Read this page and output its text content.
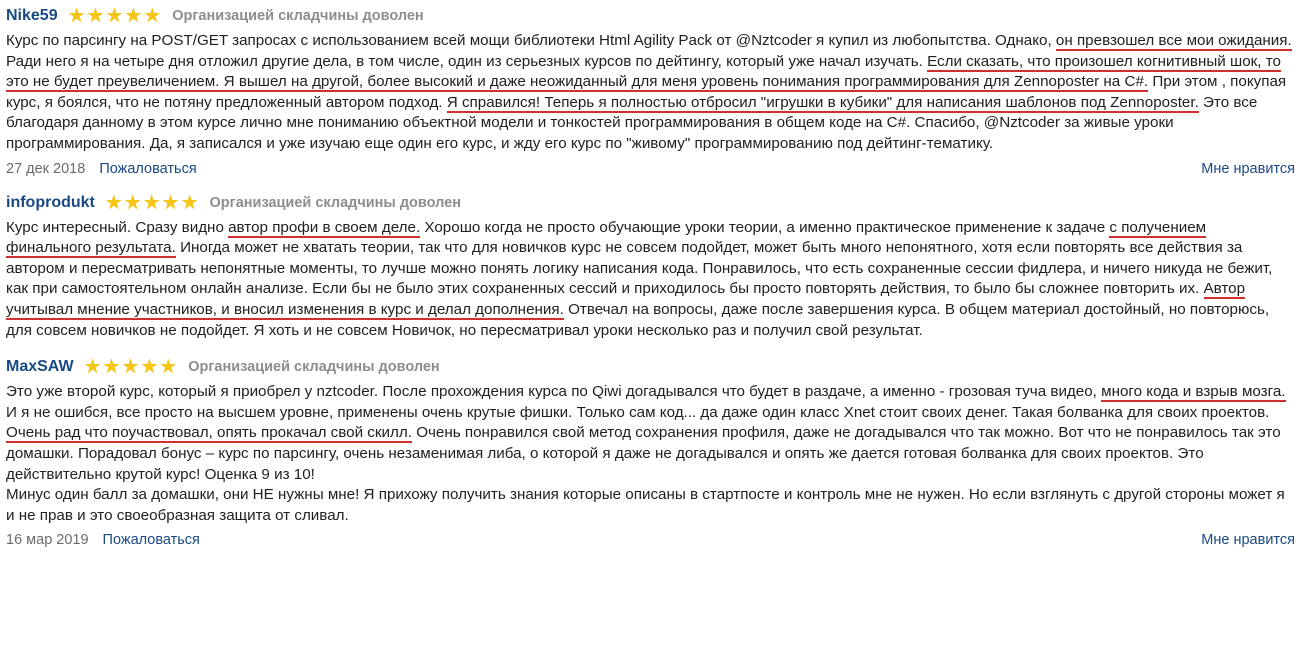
Nike59 ★★★★★ Организацией складчины доволен

Курс по парсингу на POST/GET запросах с использованием всей мощи библиотеки Html Agility Pack от @Nztcoder я купил из любопытства. Однако, он превзошел все мои ожидания. Ради него я на четыре дня отложил другие дела, в том числе, один из серьезных курсов по дейтингу, который уже начал изучать. Если сказать, что произошел когнитивный шок, то это не будет преувеличением. Я вышел на другой, более высокий и даже неожиданный для меня уровень понимания программирования для Zennoposter на C#. При этом , покупая курс, я боялся, что не потяну предложенный автором подход. Я справился! Теперь я полностью отбросил "игрушки в кубики" для написания шаблонов под Zennoposter. Это все благодаря данному в этом курсе лично мне пониманию объектной модели и тонкостей программирования в общем коде на C#. Спасибо, @Nztcoder за живые уроки программирования. Да, я записался и уже изучаю еще один его курс, и жду его курс по "живому" программированию под дейтинг-тематику.

27 дек 2018 Пожаловаться	Мне нравится
infoprodukt ★★★★★ Организацией складчины доволен

Курс интересный. Сразу видно автор профи в своем деле. Хорошо когда не просто обучающие уроки теории, а именно практическое применение к задаче с получением финального результата. Иногда может не хватать теории, так что для новичков курс не совсем подойдет, может быть много непонятного, хотя если повторять все действия за автором и пересматривать непонятные моменты, то лучше можно понять логику написания кода. Понравилось, что есть сохраненные сессии фидлера, и ничего никуда не бежит, как при самостоятельном онлайн анализе. Если бы не было этих сохраненных сессий и приходилось бы просто повторять действия, то было бы сложнее повторить их. Автор учитывал мнение участников, и вносил изменения в курс и делал дополнения. Отвечал на вопросы, даже после завершения курса. В общем материал достойный, но повторюсь, для совсем новичков не подойдет. Я хоть и не совсем Новичок, но пересматривал уроки несколько раз и получил свой результат.

MaxSAW ★★★★★ Организацией складчины доволен

Это уже второй курс, который я приобрел у nztcoder. После прохождения курса по Qiwi догадывался что будет в раздаче, а именно - грозовая туча видео, много кода и взрыв мозга. И я не ошибся, все просто на высшем уровне, применены очень крутые фишки. Только сам код... да даже один класс Xnet стоит своих денег. Такая болванка для своих проектов. Очень рад что поучаствовал, опять прокачал свой скилл. Очень понравился свой метод сохранения профиля, даже не догадывался что так можно. Вот что не понравилось так это домашки. Порадовал бонус – курс по парсингу, очень незаменимая либа, о которой я даже не догадывался и опять же дается готовая болванка для своих проектов. Это действительно крутой курс! Оценка 9 из 10!

Минус один балл за домашки, они НЕ нужны мне! Я прихожу получить знания которые описаны в стартпосте и контроль мне не нужен. Но если взглянуть с другой стороны может я и не прав и это своеобразная защита от сливал.

16 мар 2019 Пожаловаться	Мне нравится
